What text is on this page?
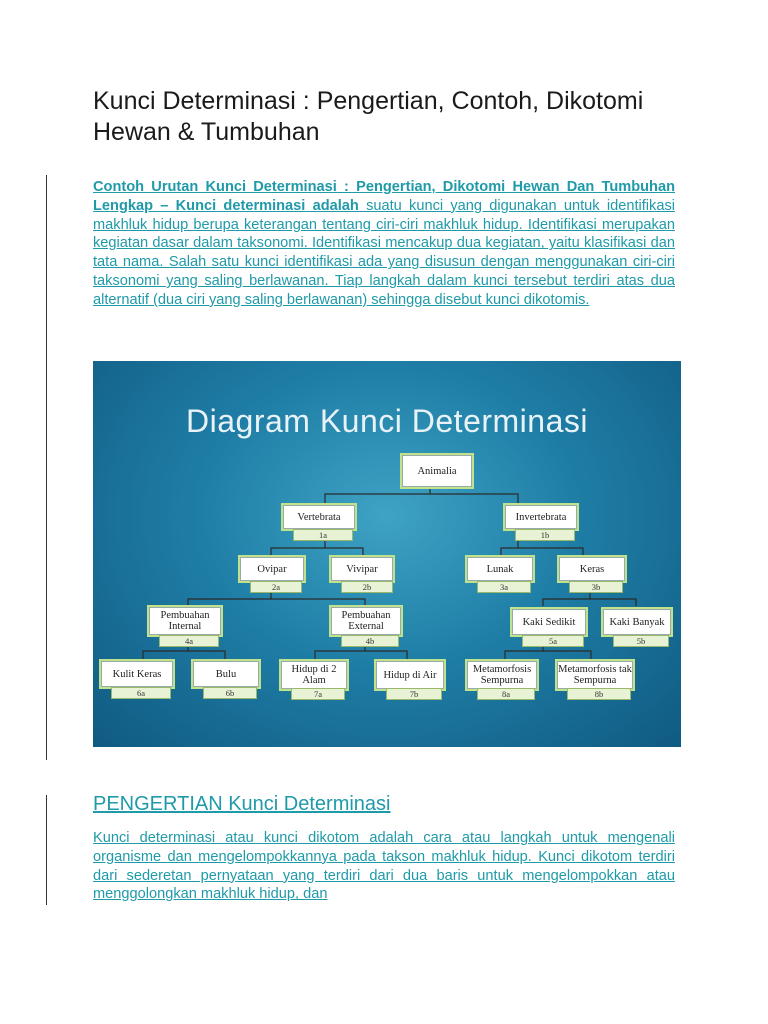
Kunci Determinasi : Pengertian, Contoh, Dikotomi Hewan & Tumbuhan

Contoh Urutan Kunci Determinasi : Pengertian, Dikotomi Hewan Dan Tumbuhan Lengkap – Kunci determinasi adalah suatu kunci yang digunakan untuk identifikasi makhluk hidup berupa keterangan tentang ciri-ciri makhluk hidup. Identifikasi merupakan kegiatan dasar dalam taksonomi. Identifikasi mencakup dua kegiatan, yaitu klasifikasi dan tata nama. Salah satu kunci identifikasi ada yang disusun dengan menggunakan ciri-ciri taksonomi yang saling berlawanan. Tiap langkah dalam kunci tersebut terdiri atas dua alternatif (dua ciri yang saling berlawanan) sehingga disebut kunci dikotomis.

Diagram Kunci Determinasi
Animalia
Vertebrata
1a
Invertebrata
1b
Ovipar
2a
Vivipar
2b
Lunak
3a
Keras
3b
Pembuahan Internal
4a
Pembuahan External
4b
Kaki Sedikit
5a
Kaki Banyak
5b
Kulit Keras
6a
Bulu
6b
Hidup di 2 Alam
7a
Hidup di Air
7b
Metamorfosis Sempurna
8a
Metamorfosis tak Sempurna
8b
PENGERTIAN Kunci Determinasi

Kunci determinasi atau kunci dikotom adalah cara atau langkah untuk mengenali organisme dan mengelompokkannya pada takson makhluk hidup. Kunci dikotom terdiri dari sederetan pernyataan yang terdiri dari dua baris untuk mengelompokkan atau menggolongkan makhluk hidup, dan
